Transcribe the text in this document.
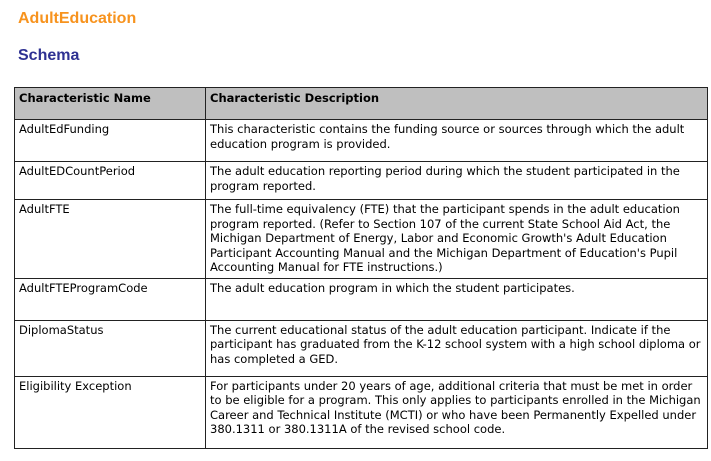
AdultEducation
Schema
Characteristic Name	Characteristic Description
AdultEdFunding	This characteristic contains the funding source or sources through which the adult education program is provided.
AdultEDCountPeriod	The adult education reporting period during which the student participated in the program reported.
AdultFTE	The full-time equivalency (FTE) that the participant spends in the adult education program reported. (Refer to Section 107 of the current State School Aid Act, the Michigan Department of Energy, Labor and Economic Growth's Adult Education Participant Accounting Manual and the Michigan Department of Education's Pupil Accounting Manual for FTE instructions.)
AdultFTEProgramCode	The adult education program in which the student participates.
DiplomaStatus	The current educational status of the adult education participant. Indicate if the participant has graduated from the K-12 school system with a high school diploma or has completed a GED.
Eligibility Exception	For participants under 20 years of age, additional criteria that must be met in order to be eligible for a program. This only applies to participants enrolled in the Michigan Career and Technical Institute (MCTI) or who have been Permanently Expelled under 380.1311 or 380.1311A of the revised school code.
